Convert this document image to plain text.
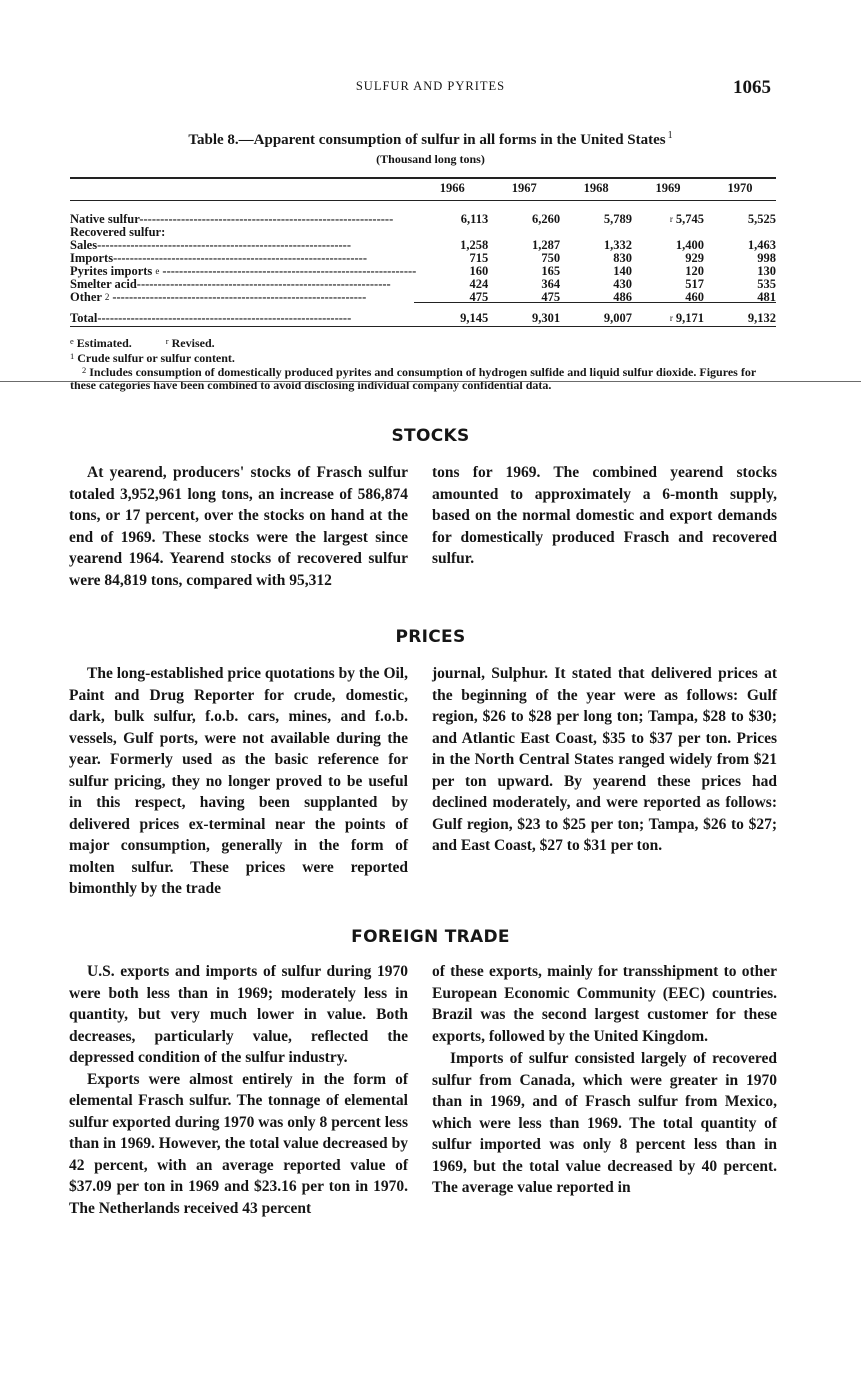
SULFUR AND PYRITES	1065
Table 8.—Apparent consumption of sulfur in all forms in the United States $^1$
(Thousand long tons)
	1966	1967	1968	1969	1970

Native sulfur-------------------------------------------------------------	6,113	6,260	5,789	r 5,745	5,525
Recovered sulfur:					
Sales-------------------------------------------------------------	1,258	1,287	1,332	1,400	1,463
Imports-------------------------------------------------------------	715	750	830	929	998
Pyrites imports e -------------------------------------------------------------	160	165	140	120	130
Smelter acid-------------------------------------------------------------	424	364	430	517	535
Other 2 -------------------------------------------------------------	475	475	486	460	481
Total-------------------------------------------------------------	9,145	9,301	9,007	r 9,171	9,132

$^e$ Estimated.	$^r$ Revised.

$^1$ Crude sulfur or sulfur content.

$^2$ Includes consumption of domestically produced pyrites and consumption of hydrogen sulfide and liquid sulfur dioxide. Figures for these categories have been combined to avoid disclosing individual company confidential data.

STOCKS

At yearend, producers' stocks of Frasch sulfur totaled 3,952,961 long tons, an increase of 586,874 tons, or 17 percent, over the stocks on hand at the end of 1969. These stocks were the largest since yearend 1964. Yearend stocks of recovered sulfur were 84,819 tons, compared with 95,312

tons for 1969. The combined yearend stocks amounted to approximately a 6-month supply, based on the normal domestic and export demands for domestically produced Frasch and recovered sulfur.

PRICES

The long-established price quotations by the Oil, Paint and Drug Reporter for crude, domestic, dark, bulk sulfur, f.o.b. cars, mines, and f.o.b. vessels, Gulf ports, were not available during the year. Formerly used as the basic reference for sulfur pricing, they no longer proved to be useful in this respect, having been supplanted by delivered prices ex-terminal near the points of major consumption, generally in the form of molten sulfur. These prices were reported bimonthly by the trade

journal, Sulphur. It stated that delivered prices at the beginning of the year were as follows: Gulf region, $26 to $28 per long ton; Tampa, $28 to $30; and Atlantic East Coast, $35 to $37 per ton. Prices in the North Central States ranged widely from $21 per ton upward. By yearend these prices had declined moderately, and were reported as follows: Gulf region, $23 to $25 per ton; Tampa, $26 to $27; and East Coast, $27 to $31 per ton.

FOREIGN TRADE

U.S. exports and imports of sulfur during 1970 were both less than in 1969; moderately less in quantity, but very much lower in value. Both decreases, particularly value, reflected the depressed condition of the sulfur industry.

Exports were almost entirely in the form of elemental Frasch sulfur. The tonnage of elemental sulfur exported during 1970 was only 8 percent less than in 1969. However, the total value decreased by 42 percent, with an average reported value of $37.09 per ton in 1969 and $23.16 per ton in 1970. The Netherlands received 43 percent

of these exports, mainly for transshipment to other European Economic Community (EEC) countries. Brazil was the second largest customer for these exports, followed by the United Kingdom.

Imports of sulfur consisted largely of recovered sulfur from Canada, which were greater in 1970 than in 1969, and of Frasch sulfur from Mexico, which were less than 1969. The total quantity of sulfur imported was only 8 percent less than in 1969, but the total value decreased by 40 percent. The average value reported in
